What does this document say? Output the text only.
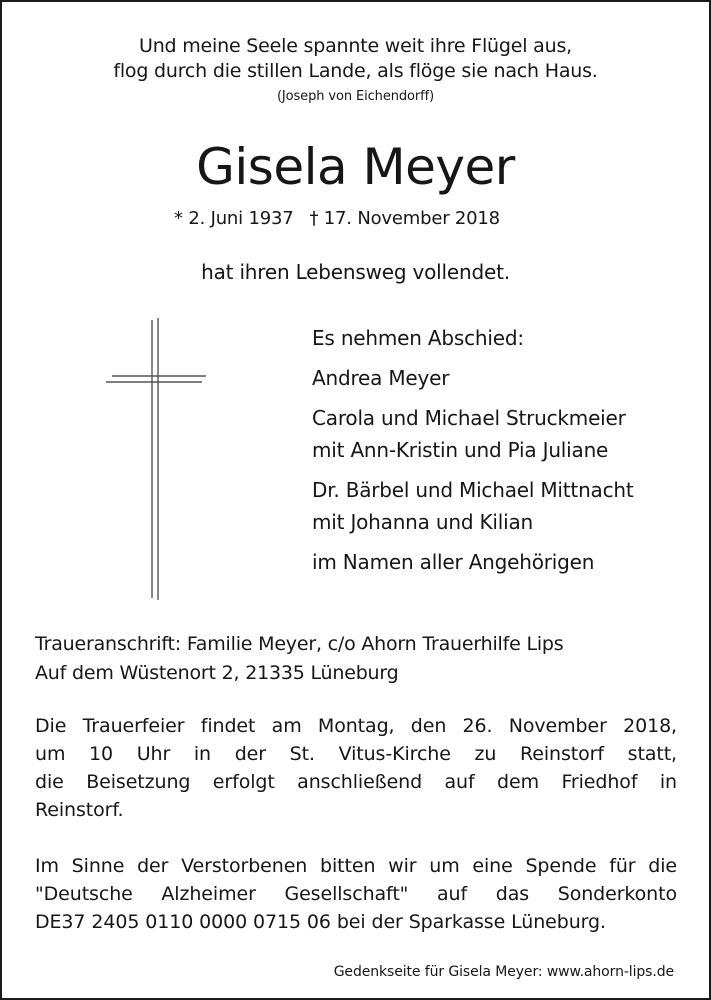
Und meine Seele spannte weit ihre Flügel aus,
flog durch die stillen Lande, als flöge sie nach Haus.
(Joseph von Eichendorff)
Gisela Meyer
* 2. Juni 1937 † 17. November 2018
hat ihren Lebensweg vollendet.
Es nehmen Abschied:
Andrea Meyer
Carola und Michael Struckmeier
mit Ann-Kristin und Pia Juliane
Dr. Bärbel und Michael Mittnacht
mit Johanna und Kilian
im Namen aller Angehörigen
Traueranschrift: Familie Meyer, c/o Ahorn Trauerhilfe Lips
Auf dem Wüstenort 2, 21335 Lüneburg
Die Trauerfeier findet am Montag, den 26. November 2018,
um 10 Uhr in der St. Vitus-Kirche zu Reinstorf statt,
die Beisetzung erfolgt anschließend auf dem Friedhof in
Reinstorf.
Im Sinne der Verstorbenen bitten wir um eine Spende für die
"Deutsche Alzheimer Gesellschaft" auf das Sonderkonto
DE37 2405 0110 0000 0715 06 bei der Sparkasse Lüneburg.
Gedenkseite für Gisela Meyer: www.ahorn-lips.de
